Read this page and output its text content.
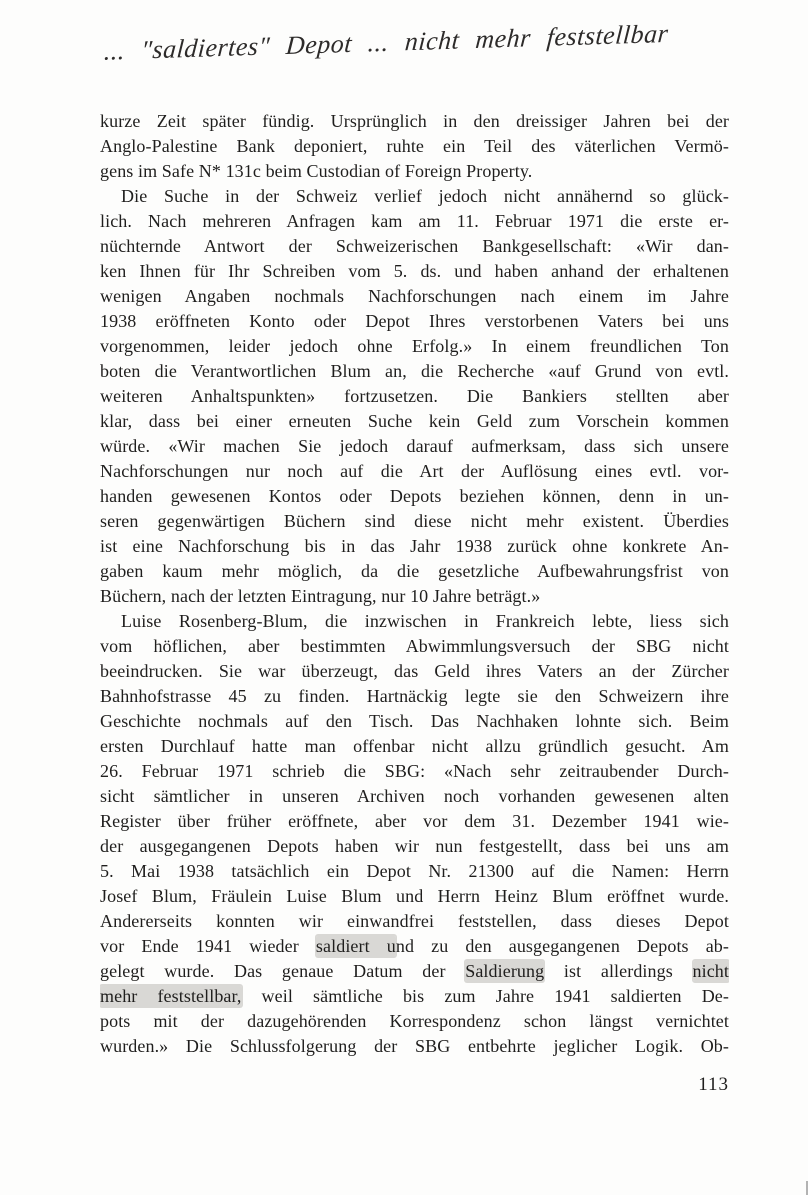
... "saldiertes" Depot ... nicht mehr feststellbar
kurze Zeit später fündig. Ursprünglich in den dreissiger Jahren bei der
Anglo-Palestine Bank deponiert, ruhte ein Teil des väterlichen Vermö-
gens im Safe N* 131c beim Custodian of Foreign Property.
Die Suche in der Schweiz verlief jedoch nicht annähernd so glück-
lich. Nach mehreren Anfragen kam am 11. Februar 1971 die erste er-
nüchternde Antwort der Schweizerischen Bankgesellschaft: «Wir dan-
ken Ihnen für Ihr Schreiben vom 5. ds. und haben anhand der erhaltenen
wenigen Angaben nochmals Nachforschungen nach einem im Jahre
1938 eröffneten Konto oder Depot Ihres verstorbenen Vaters bei uns
vorgenommen, leider jedoch ohne Erfolg.» In einem freundlichen Ton
boten die Verantwortlichen Blum an, die Recherche «auf Grund von evtl.
weiteren Anhaltspunkten» fortzusetzen. Die Bankiers stellten aber
klar, dass bei einer erneuten Suche kein Geld zum Vorschein kommen
würde. «Wir machen Sie jedoch darauf aufmerksam, dass sich unsere
Nachforschungen nur noch auf die Art der Auflösung eines evtl. vor-
handen gewesenen Kontos oder Depots beziehen können, denn in un-
seren gegenwärtigen Büchern sind diese nicht mehr existent. Überdies
ist eine Nachforschung bis in das Jahr 1938 zurück ohne konkrete An-
gaben kaum mehr möglich, da die gesetzliche Aufbewahrungsfrist von
Büchern, nach der letzten Eintragung, nur 10 Jahre beträgt.»
Luise Rosenberg-Blum, die inzwischen in Frankreich lebte, liess sich
vom höflichen, aber bestimmten Abwimmlungsversuch der SBG nicht
beeindrucken. Sie war überzeugt, das Geld ihres Vaters an der Zürcher
Bahnhofstrasse 45 zu finden. Hartnäckig legte sie den Schweizern ihre
Geschichte nochmals auf den Tisch. Das Nachhaken lohnte sich. Beim
ersten Durchlauf hatte man offenbar nicht allzu gründlich gesucht. Am
26. Februar 1971 schrieb die SBG: «Nach sehr zeitraubender Durch-
sicht sämtlicher in unseren Archiven noch vorhanden gewesenen alten
Register über früher eröffnete, aber vor dem 31. Dezember 1941 wie-
der ausgegangenen Depots haben wir nun festgestellt, dass bei uns am
5. Mai 1938 tatsächlich ein Depot Nr. 21300 auf die Namen: Herrn
Josef Blum, Fräulein Luise Blum und Herrn Heinz Blum eröffnet wurde.
Andererseits konnten wir einwandfrei feststellen, dass dieses Depot
vor Ende 1941 wieder saldiert und zu den ausgegangenen Depots ab-
gelegt wurde. Das genaue Datum der Saldierung ist allerdings nicht
mehr feststellbar, weil sämtliche bis zum Jahre 1941 saldierten De-
pots mit der dazugehörenden Korrespondenz schon längst vernichtet
wurden.» Die Schlussfolgerung der SBG entbehrte jeglicher Logik. Ob-
113
